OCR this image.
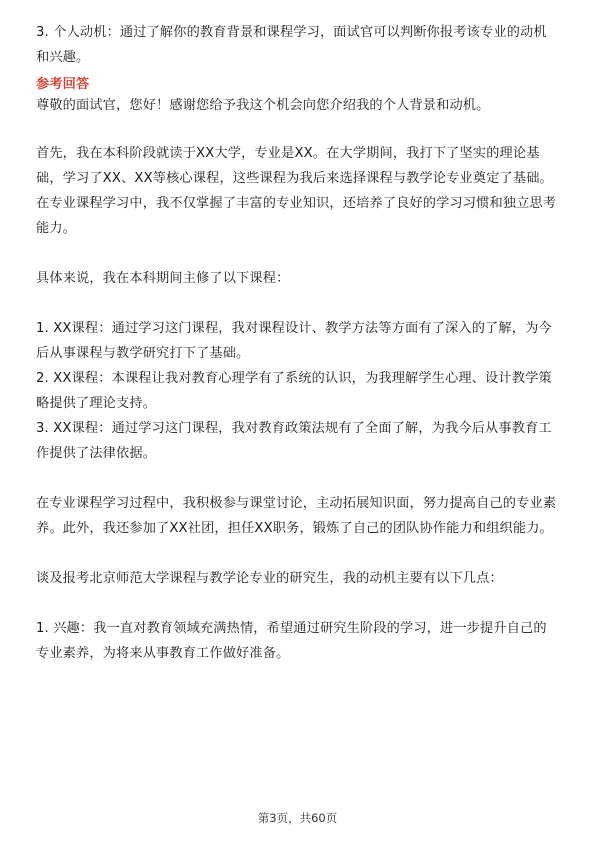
3. 个人动机：通过了解你的教育背景和课程学习，面试官可以判断你报考该专业的动机和兴趣。

参考回答

尊敬的面试官，您好！感谢您给予我这个机会向您介绍我的个人背景和动机。

首先，我在本科阶段就读于XX大学，专业是XX。在大学期间，我打下了坚实的理论基础，学习了XX、XX等核心课程，这些课程为我后来选择课程与教学论专业奠定了基础。在专业课程学习中，我不仅掌握了丰富的专业知识，还培养了良好的学习习惯和独立思考能力。

具体来说，我在本科期间主修了以下课程：

1. XX课程：通过学习这门课程，我对课程设计、教学方法等方面有了深入的了解，为今后从事课程与教学研究打下了基础。

2. XX课程：本课程让我对教育心理学有了系统的认识，为我理解学生心理、设计教学策略提供了理论支持。

3. XX课程：通过学习这门课程，我对教育政策法规有了全面了解，为我今后从事教育工作提供了法律依据。

在专业课程学习过程中，我积极参与课堂讨论，主动拓展知识面，努力提高自己的专业素养。此外，我还参加了XX社团，担任XX职务，锻炼了自己的团队协作能力和组织能力。

谈及报考北京师范大学课程与教学论专业的研究生，我的动机主要有以下几点：

1. 兴趣：我一直对教育领域充满热情，希望通过研究生阶段的学习，进一步提升自己的专业素养，为将来从事教育工作做好准备。

第3页，共60页
